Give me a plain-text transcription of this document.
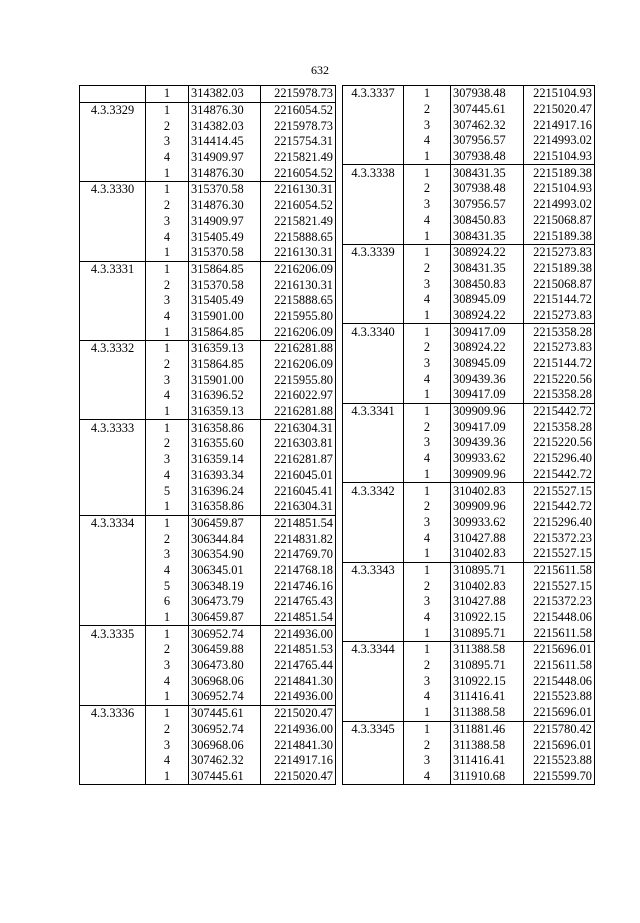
632
	1	314382.03	2215978.73
4.3.3329	1	314876.30	2216054.52
	2	314382.03	2215978.73
	3	314414.45	2215754.31
	4	314909.97	2215821.49
	1	314876.30	2216054.52
4.3.3330	1	315370.58	2216130.31
	2	314876.30	2216054.52
	3	314909.97	2215821.49
	4	315405.49	2215888.65
	1	315370.58	2216130.31
4.3.3331	1	315864.85	2216206.09
	2	315370.58	2216130.31
	3	315405.49	2215888.65
	4	315901.00	2215955.80
	1	315864.85	2216206.09
4.3.3332	1	316359.13	2216281.88
	2	315864.85	2216206.09
	3	315901.00	2215955.80
	4	316396.52	2216022.97
	1	316359.13	2216281.88
4.3.3333	1	316358.86	2216304.31
	2	316355.60	2216303.81
	3	316359.14	2216281.87
	4	316393.34	2216045.01
	5	316396.24	2216045.41
	1	316358.86	2216304.31
4.3.3334	1	306459.87	2214851.54
	2	306344.84	2214831.82
	3	306354.90	2214769.70
	4	306345.01	2214768.18
	5	306348.19	2214746.16
	6	306473.79	2214765.43
	1	306459.87	2214851.54
4.3.3335	1	306952.74	2214936.00
	2	306459.88	2214851.53
	3	306473.80	2214765.44
	4	306968.06	2214841.30
	1	306952.74	2214936.00
4.3.3336	1	307445.61	2215020.47
	2	306952.74	2214936.00
	3	306968.06	2214841.30
	4	307462.32	2214917.16
	1	307445.61	2215020.47
4.3.3337	1	307938.48	2215104.93
	2	307445.61	2215020.47
	3	307462.32	2214917.16
	4	307956.57	2214993.02
	1	307938.48	2215104.93
4.3.3338	1	308431.35	2215189.38
	2	307938.48	2215104.93
	3	307956.57	2214993.02
	4	308450.83	2215068.87
	1	308431.35	2215189.38
4.3.3339	1	308924.22	2215273.83
	2	308431.35	2215189.38
	3	308450.83	2215068.87
	4	308945.09	2215144.72
	1	308924.22	2215273.83
4.3.3340	1	309417.09	2215358.28
	2	308924.22	2215273.83
	3	308945.09	2215144.72
	4	309439.36	2215220.56
	1	309417.09	2215358.28
4.3.3341	1	309909.96	2215442.72
	2	309417.09	2215358.28
	3	309439.36	2215220.56
	4	309933.62	2215296.40
	1	309909.96	2215442.72
4.3.3342	1	310402.83	2215527.15
	2	309909.96	2215442.72
	3	309933.62	2215296.40
	4	310427.88	2215372.23
	1	310402.83	2215527.15
4.3.3343	1	310895.71	2215611.58
	2	310402.83	2215527.15
	3	310427.88	2215372.23
	4	310922.15	2215448.06
	1	310895.71	2215611.58
4.3.3344	1	311388.58	2215696.01
	2	310895.71	2215611.58
	3	310922.15	2215448.06
	4	311416.41	2215523.88
	1	311388.58	2215696.01
4.3.3345	1	311881.46	2215780.42
	2	311388.58	2215696.01
	3	311416.41	2215523.88
	4	311910.68	2215599.70
